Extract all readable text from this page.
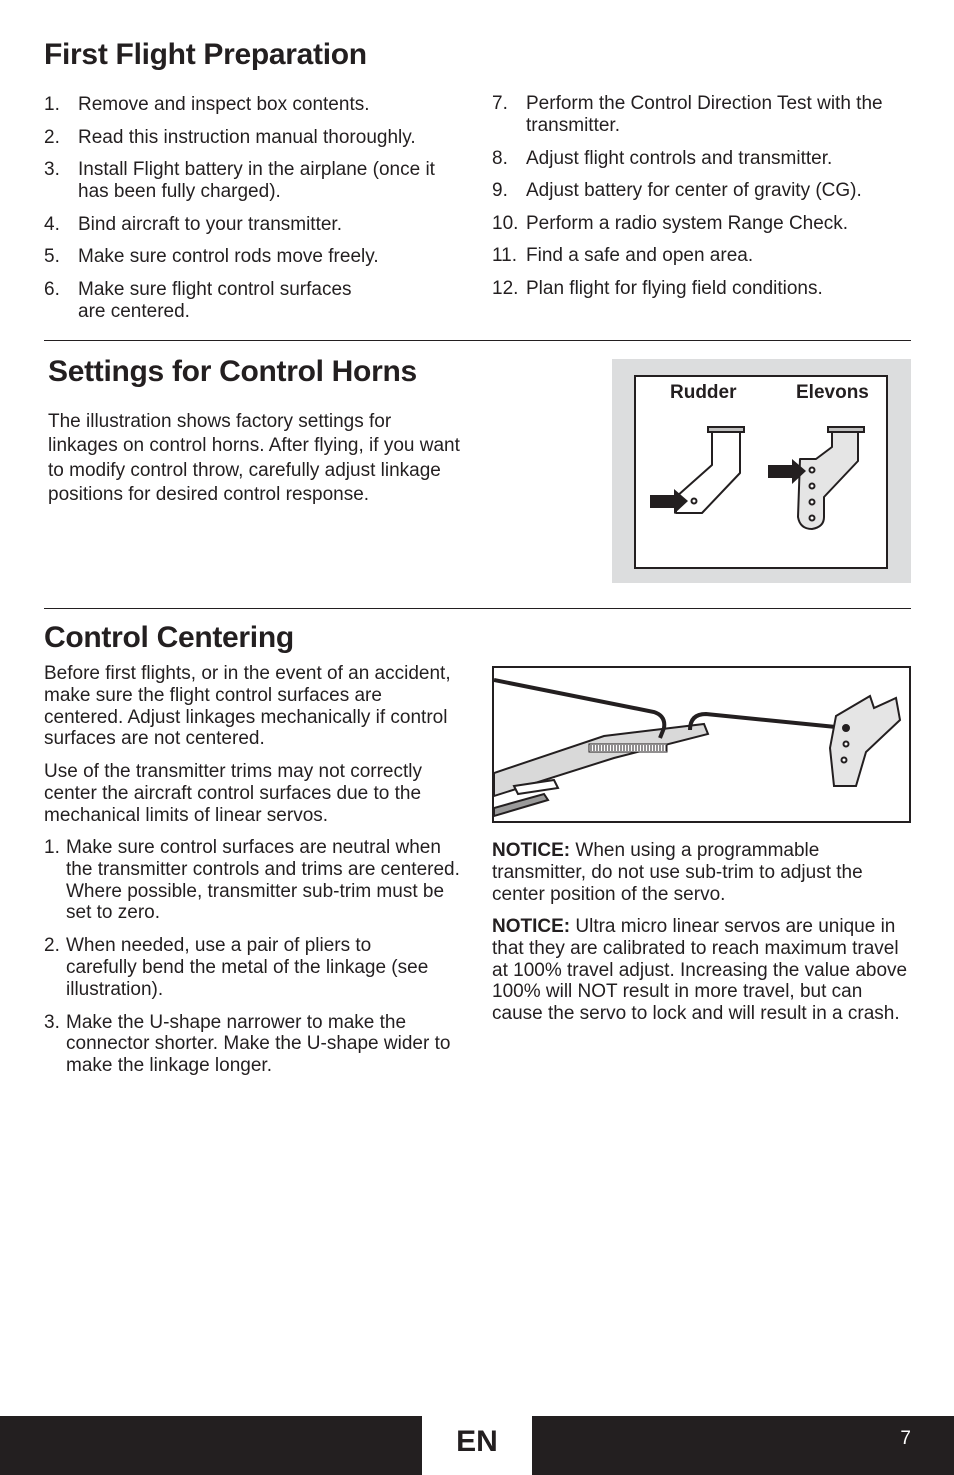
First Flight Preparation
1. Remove and inspect box contents.
2. Read this instruction manual thoroughly.
3. Install Flight battery in the airplane (once it has been fully charged).
4. Bind aircraft to your transmitter.
5. Make sure control rods move freely.
6. Make sure flight control surfaces are centered.
7. Perform the Control Direction Test with the transmitter.
8. Adjust flight controls and transmitter.
9. Adjust battery for center of gravity (CG).
10. Perform a radio system Range Check.
11. Find a safe and open area.
12. Plan flight for flying field conditions.
Settings for Control Horns

The illustration shows factory settings for linkages on control horns. After flying, if you want to modify control throw, carefully adjust linkage positions for desired control response.

Rudder	Elevons
Control Centering

Before first flights, or in the event of an accident, make sure the flight control surfaces are centered. Adjust linkages mechanically if control surfaces are not centered.

Use of the transmitter trims may not correctly center the aircraft control surfaces due to the mechanical limits of linear servos.

1. Make sure control surfaces are neutral when the transmitter controls and trims are centered. Where possible, transmitter sub-trim must be set to zero.
2. When needed, use a pair of pliers to carefully bend the metal of the linkage (see illustration).
3. Make the U-shape narrower to make the connector shorter. Make the U-shape wider to make the linkage longer.

NOTICE: When using a programmable transmitter, do not use sub-trim to adjust the center position of the servo.

NOTICE: Ultra micro linear servos are unique in that they are calibrated to reach maximum travel at 100% travel adjust. Increasing the value above 100% will NOT result in more travel, but can cause the servo to lock and will result in a crash.

EN	7
